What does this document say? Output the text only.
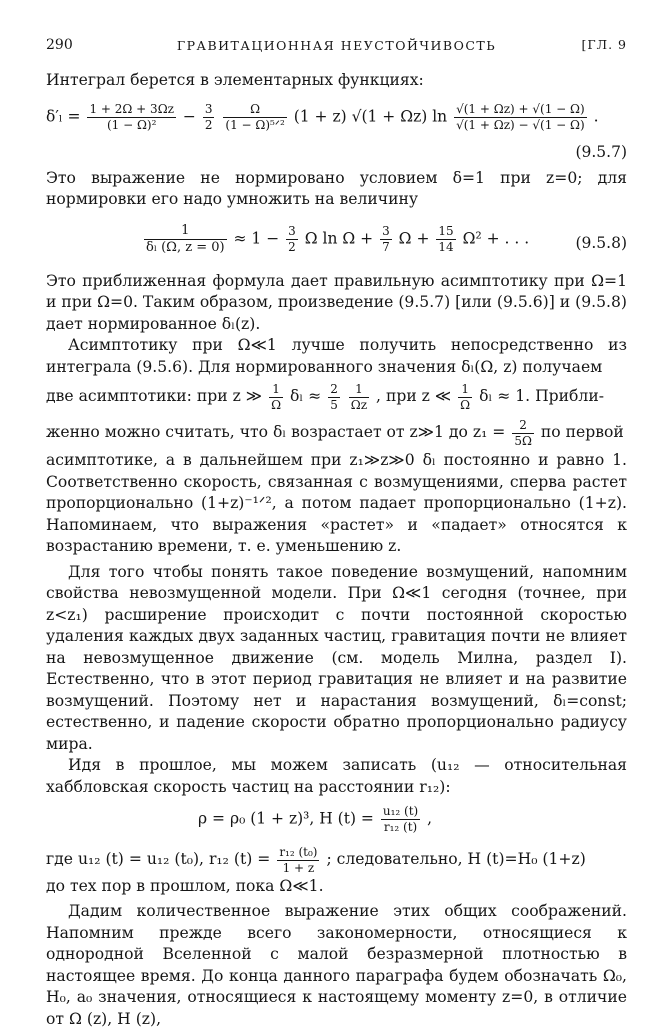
290	ГРАВИТАЦИОННАЯ НЕУСТОЙЧИВОСТЬ	[ГЛ. 9

Интеграл берется в элементарных функциях:

$\delta'_l = \frac{1 + 2\Omega + 3\Omega z}{\text{(1 − Ω)²}} - \frac{3}{2}$
	Ω
(1 − Ω)⁵ᐟ² (1 + z) √(1 + Ωz) $\ln \frac{√(1 + \Omega z) + √(1 - \Omega)}{√(1 + \Omega z) - √(1 - \Omega)}$ .
(9.5.7)

Это выражение не нормировано условием δ=1 при z=0; для нормировки его надо умножить на величину

$\frac{1}{\text{δₗ (Ω, z = 0)}} \approx 1 - \frac{3}{2}$ Ω $\ln \Omega + \frac{3}{7}$ $\Omega + \frac{15}{14} \Omega^2$ + . . .	(9.5.8)

Это приближенная формула дает правильную асимптотику при Ω=1 и при Ω=0. Таким образом, произведение (9.5.7) [или (9.5.6)] и (9.5.8) дает нормированное δₗ(z).

Асимптотику при Ω≪1 лучше получить непосредственно из интеграла (9.5.6). Для нормированного значения δₗ(Ω, z) получаем

две асимптотики: при z ≫ $\frac{1}{\Omega}$ $\delta_l \approx \frac{2}{5}$
$\frac{1}{\Omega z}$ , при z ≪ $\frac{1}{\Omega}$ δₗ ≈ 1. Прибли-

женно можно считать, что δₗ возрастает от z≫1 до $z_1 = \frac{2}{5\Omega}$ по первой

асимптотике, а в дальнейшем при z₁≫z≫0 δₗ постоянно и равно 1. Соответственно скорость, связанная с возмущениями, сперва растет пропорционально (1+z)⁻¹ᐟ², а потом падает пропорционально (1+z). Напоминаем, что выражения «растет» и «падает» относятся к возрастанию времени, т. е. уменьшению z.

Для того чтобы понять такое поведение возмущений, напомним свойства невозмущенной модели. При Ω≪1 сегодня (точнее, при z<z₁) расширение происходит с почти постоянной скоростью удаления каждых двух заданных частиц, гравитация почти не влияет на невозмущенное движение (см. модель Милна, раздел I). Естественно, что в этот период гравитация не влияет и на развитие возмущений. Поэтому нет и нарастания возмущений, δₗ=const; естественно, и падение скорости обратно пропорционально радиусу мира.

Идя в прошлое, мы можем записать (u₁₂ — относительная хаббловская скорость частиц на расстоянии r₁₂):

ρ = ρ₀ (1 + z)³, H $(t) = \frac{\text{u₁₂ (t)}}{\text{r₁₂ (t)}}$ ,

где u₁₂ (t) = u₁₂ (t₀), r₁₂ $(t) = \frac{\text{r₁₂ (t₀)}}{1 + z}$ ; следовательно, H (t)=H₀ (1+z)

до тех пор в прошлом, пока Ω≪1.

Дадим количественное выражение этих общих соображений. Напомним прежде всего закономерности, относящиеся к однородной Вселенной с малой безразмерной плотностью в настоящее время. До конца данного параграфа будем обозначать Ω₀, H₀, a₀ значения, относящиеся к настоящему моменту z=0, в отличие от Ω (z), H (z),
